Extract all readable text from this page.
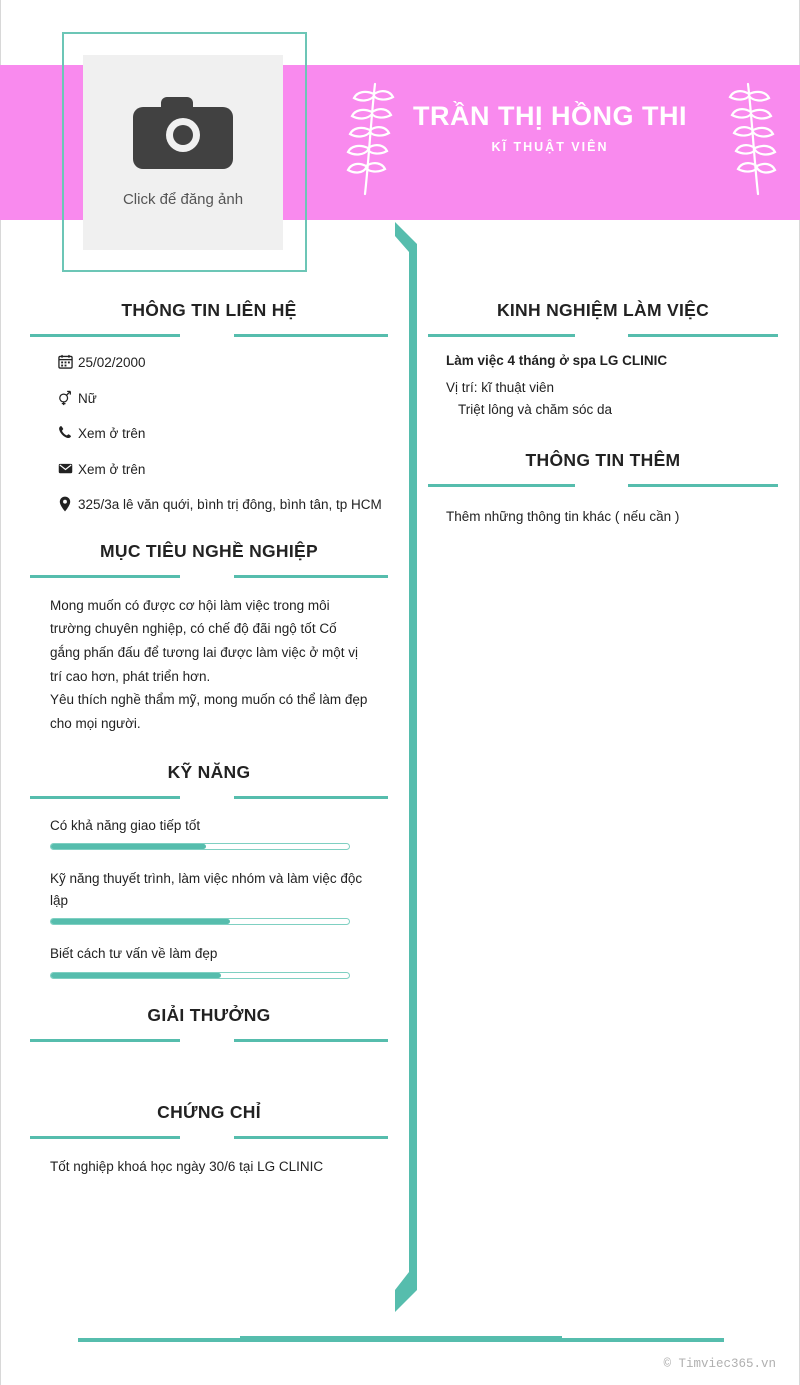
Click để đăng ảnh
TRẦN THỊ HỒNG THI
KĨ THUẬT VIÊN
THÔNG TIN LIÊN HỆ
25/02/2000
Nữ
Xem ở trên
Xem ở trên
325/3a lê văn quới, bình trị đông, bình tân, tp HCM
MỤC TIÊU NGHỀ NGHIỆP

Mong muốn có được cơ hội làm việc trong môi trường chuyên nghiệp, có chế độ đãi ngộ tốt Cố gắng phấn đấu để tương lai được làm việc ở một vị trí cao hơn, phát triển hơn.

Yêu thích nghề thẩm mỹ, mong muốn có thể làm đẹp cho mọi người.

KỸ NĂNG
Có khả năng giao tiếp tốt
Kỹ năng thuyết trình, làm việc nhóm và làm việc độc lập
Biết cách tư vấn về làm đẹp
GIẢI THƯỞNG
CHỨNG CHỈ
Tốt nghiệp khoá học ngày 30/6 tại LG CLINIC
KINH NGHIỆM LÀM VIỆC
Làm việc 4 tháng ở spa LG CLINIC
Vị trí: kĩ thuật viên
Triệt lông và chăm sóc da
THÔNG TIN THÊM
Thêm những thông tin khác ( nếu cần )
© Timviec365.vn
